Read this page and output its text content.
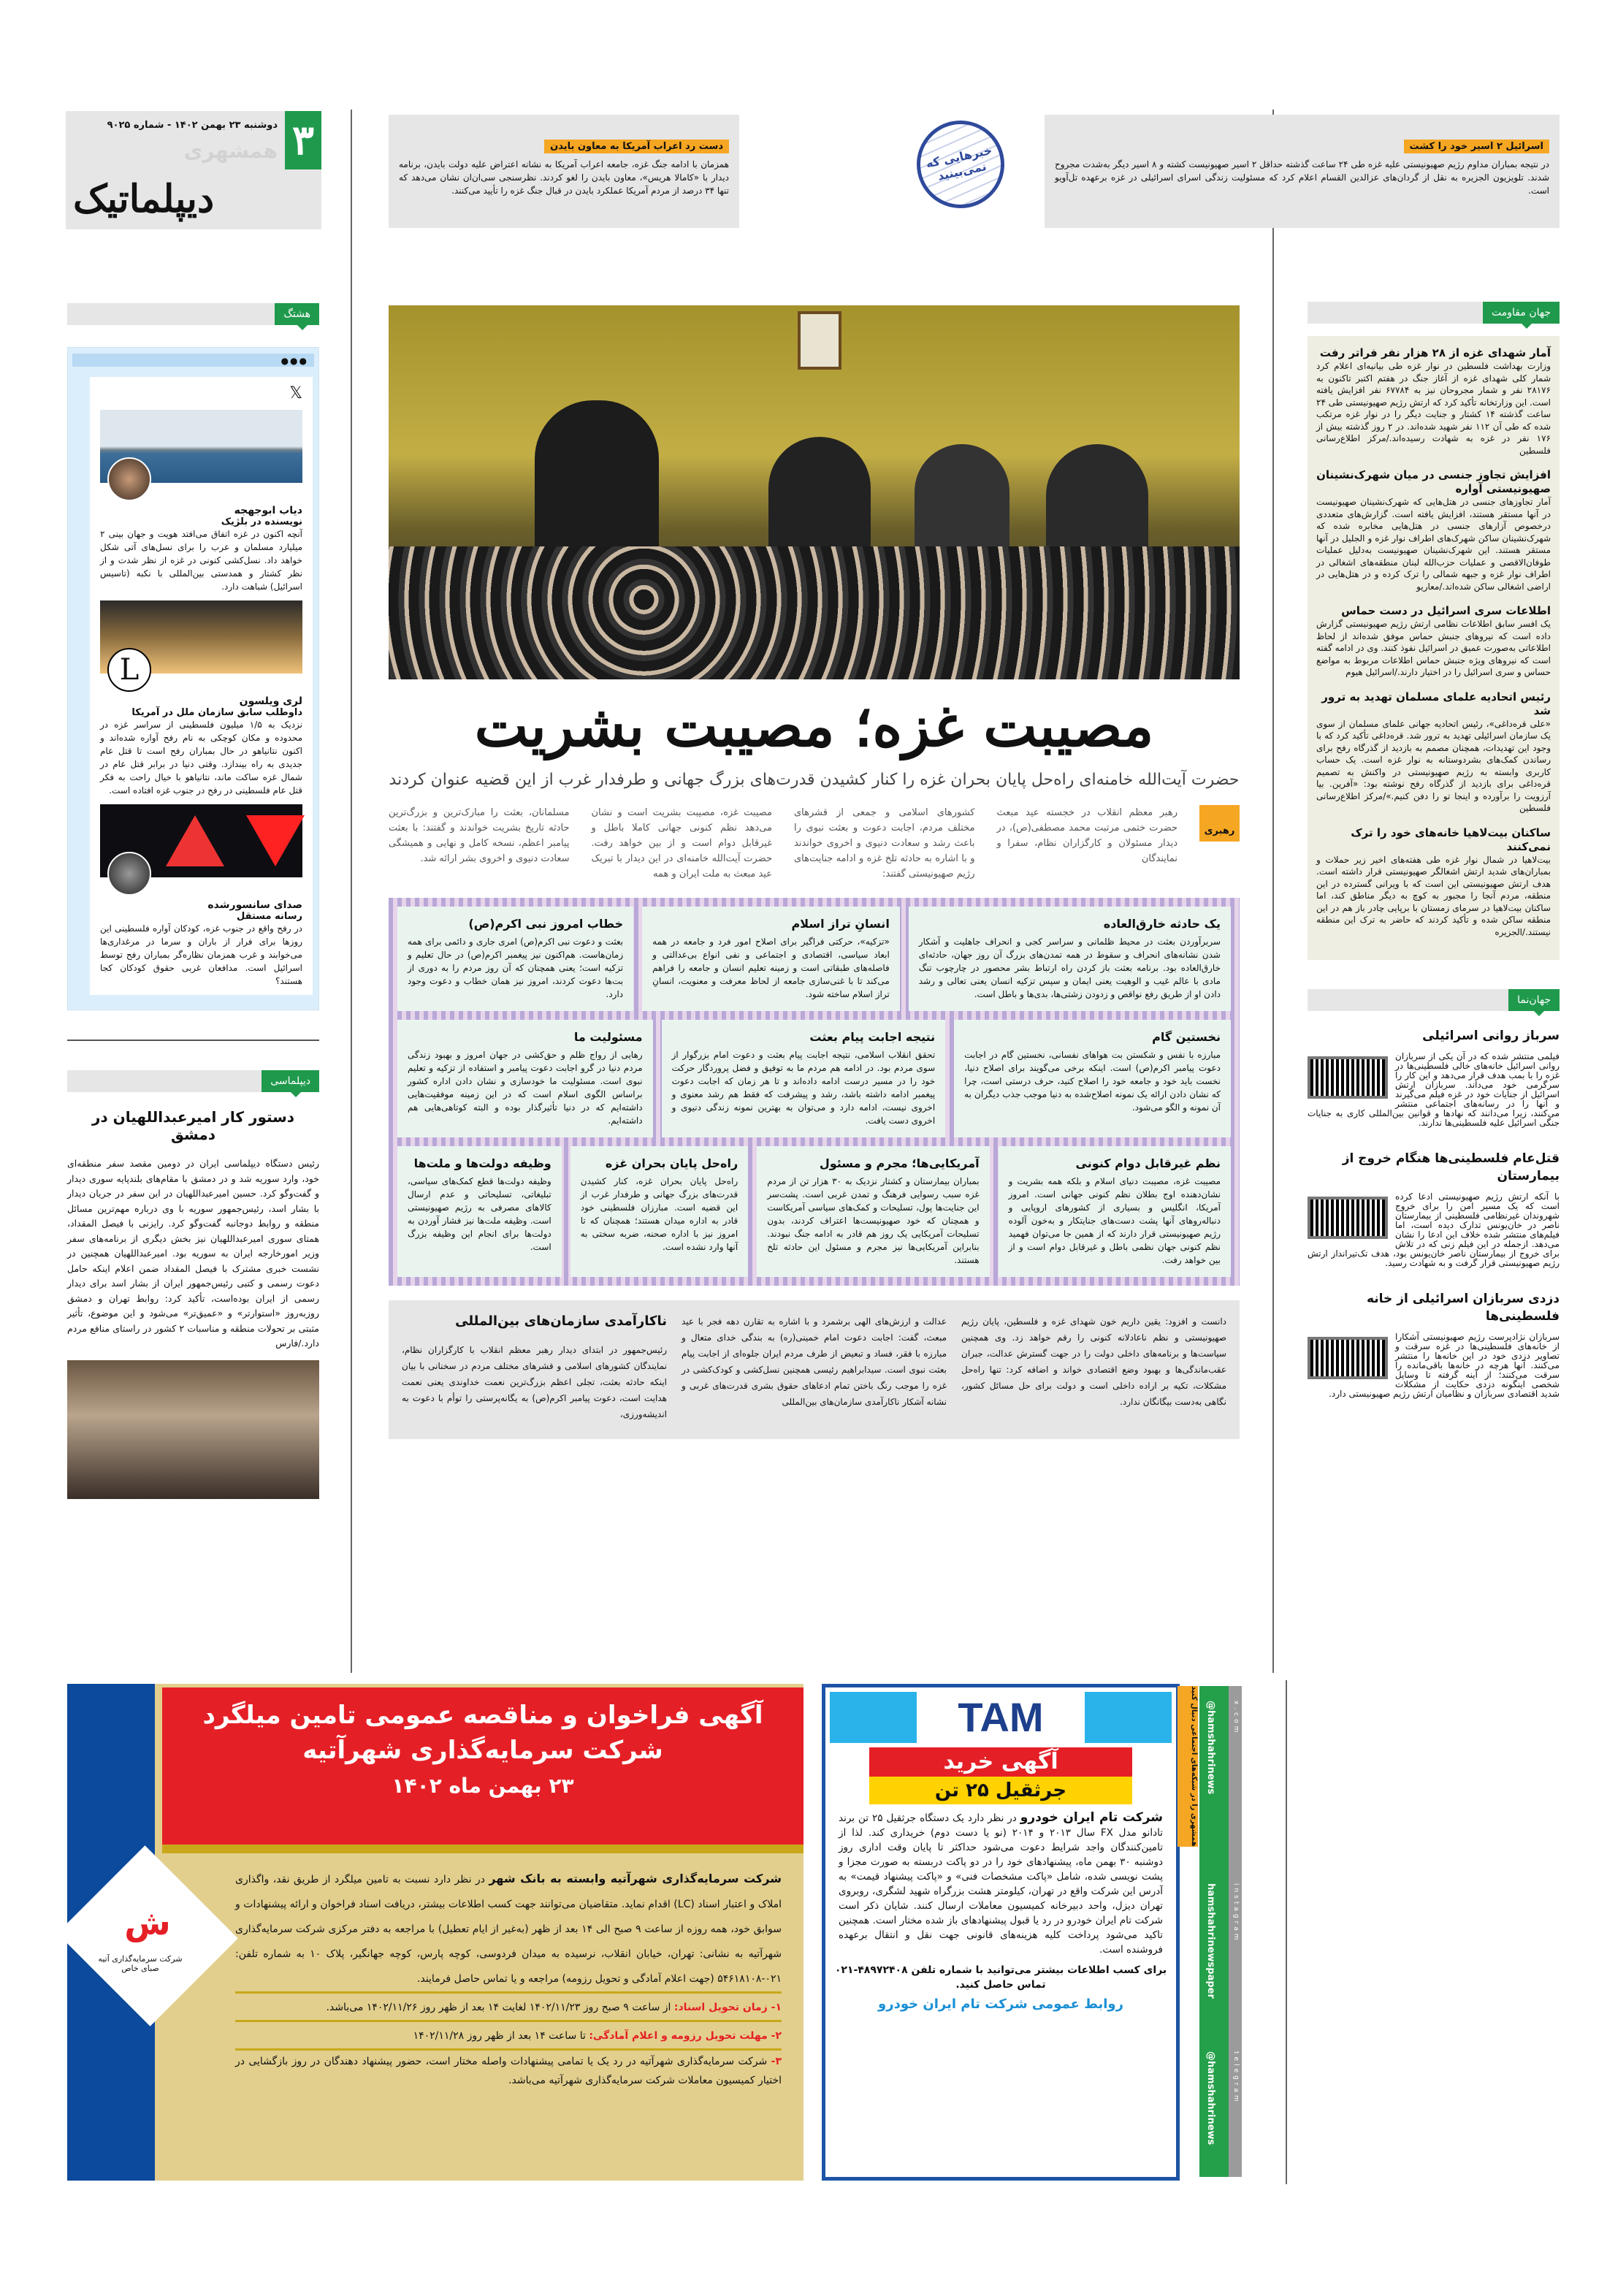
۳
دوشنبه ۲۳ بهمن ۱۴۰۲ - شماره ۹۰۲۵
همشهری
دیپلماتیک
دست رد اعراب آمریکا به معاون بایدن
همزمان با ادامه جنگ غزه، جامعه اعراب آمریکا به نشانه اعتراض علیه دولت بایدن، برنامه دیدار با «کامالا هریس»، معاون بایدن را لغو کردند. نظرسنجی سی‌ان‌ان نشان می‌دهد که تنها ۳۴ درصد از مردم آمریکا عملکرد بایدن در قبال جنگ غزه را تأیید می‌کنند.
خبرهایی که نمی‌بینید
اسرائیل ۲ اسیر خود را کشت
در نتیجه بمباران مداوم رژیم صهیونیستی علیه غزه طی ۲۴ ساعت گذشته حداقل ۲ اسیر صهیونیست کشته و ۸ اسیر دیگر به‌شدت مجروح شدند. تلویزیون الجزیره به نقل از گردان‌های عزالدین القسام اعلام کرد که مسئولیت زندگی اسرای اسرائیلی در غزه برعهده تل‌آویو است.
هشتگ
●●●
𝕏
دیاب ابوجهجه
نویسنده در بلژیک
آنچه اکنون در غزه اتفاق می‌افتد هویت و جهان بینی ۲ میلیارد مسلمان و عرب را برای نسل‌های آتی شکل خواهد داد. نسل‌کشی کنونی در غزه از نظر شدت و از نظر کشتار و همدستی بین‌المللی با نکبه (تاسیس اسرائیل) شباهت دارد.
L
لری ویلسون
داوطلب سابق سازمان ملل در آمریکا
نزدیک به ۱/۵ میلیون فلسطینی از سراسر غزه در محدوده و مکان کوچکی به نام رفح آواره شده‌اند و اکنون نتانیاهو در حال بمباران رفح است تا قتل عام جدیدی به راه بیندازد. وقتی دنیا در برابر قتل عام در شمال غزه ساکت ماند، نتانیاهو با خیال راحت به فکر قتل عام فلسطینی در رفح در جنوب غزه افتاده است.
صدای سانسورشده
رسانه مستقل
در رفح واقع در جنوب غزه، کودکان آواره فلسطینی این روزها برای فرار از باران و سرما در مرغداری‌ها می‌خوابند و غرب همزمان نظاره‌گر بمباران رفح توسط اسرائیل است. مدافعان غربی حقوق کودکان کجا هستند؟
دیپلماسی
دستور کار امیرعبداللهیان در دمشق
رئیس دستگاه دیپلماسی ایران در دومین مقصد سفر منطقه‌ای خود، وارد سوریه شد و در دمشق با مقام‌های بلندپایه سوری دیدار و گفت‌وگو کرد. حسین امیرعبداللهیان در این سفر در جریان دیدار با بشار اسد، رئیس‌جمهور سوریه با وی درباره مهم‌ترین مسائل منطقه و روابط دوجانبه گفت‌وگو کرد. رایزنی با فیصل المقداد، همتای سوری امیرعبداللهیان نیز بخش دیگری از برنامه‌های سفر وزیر امورخارجه ایران به سوریه بود. امیرعبداللهیان همچنین در نشست خبری مشترک با فیصل المقداد ضمن اعلام اینکه حامل دعوت رسمی و کتبی رئیس‌جمهور ایران از بشار اسد برای دیدار رسمی از ایران بوده‌است، تأکید کرد: روابط تهران و دمشق روزبه‌روز «استوارتر» و «عمیق‌تر» می‌شود و این موضوع، تأثیر مثبتی بر تحولات منطقه و مناسبات ۲ کشور در راستای منافع مردم دارد./فارس
مصیبت غزه؛ مصیبت بشریت
حضرت آیت‌الله خامنه‌ای راه‌حل پایان بحران غزه را کنار کشیدن قدرت‌های بزرگ جهانی و طرفدار غرب از این قضیه عنوان کردند
رهبری
رهبر معظم انقلاب در خجسته عید مبعث حضرت ختمی مرتبت محمد مصطفی(ص)، در دیدار مسئولان و کارگزاران نظام، سفرا و نمایندگان
کشورهای اسلامی و جمعی از قشرهای مختلف مردم، اجابت دعوت و بعثت نبوی را باعث رشد و سعادت دنیوی و اخروی خواندند و با اشاره به حادثه تلخ غزه و ادامه جنایت‌های رژیم صهیونیستی گفتند:
مصیبت غزه، مصیبت بشریت است و نشان می‌دهد نظم کنونی جهانی کاملا باطل و غیرقابل دوام است و از بین خواهد رفت. حضرت آیت‌الله خامنه‌ای در این دیدار با تبریک عید مبعث به ملت ایران و همه
مسلمانان، بعثت را مبارک‌ترین و بزرگ‌ترین حادثه تاریخ بشریت خواندند و گفتند: با بعثت پیامبر اعظم، نسخه کامل و نهایی و همیشگی سعادت دنیوی و اخروی بشر ارائه شد.
یک حادثه خارق‌العاده

سربرآوردن بعثت در محیط ظلمانی و سراسر کجی و انحراف جاهلیت و آشکار شدن نشانه‌های انحراف و سقوط در همه تمدن‌های بزرگ آن روز جهان، حادثه‌ای خارق‌العاده بود. برنامه بعثت باز کردن راه ارتباط بشر محصور در چارچوب تنگ مادی با عالم غیب و الوهیت یعنی ایمان و سپس تزکیه انسان یعنی تعالی و رشد دادن او از طریق رفع نواقص و زدودن زشتی‌ها، بدی‌ها و باطل است.

انسانِ تراز اسلام

«تزکیه»، حرکتی فراگیر برای اصلاح امور فرد و جامعه در همه ابعاد سیاسی، اقتصادی و اجتماعی و نفی انواع بی‌عدالتی و فاصله‌های طبقاتی است و زمینه تعلیم انسان و جامعه را فراهم می‌کند تا با غنی‌سازی جامعه از لحاظ معرفت و معنویت، انسانِ تراز اسلام ساخته شود.

خطاب امروز نبی اکرم(ص)

بعثت و دعوت نبی اکرم(ص) امری جاری و دائمی برای همه زمان‌هاست. هم‌اکنون نیز پیغمبر اکرم(ص) در حال تعلیم و تزکیه است؛ یعنی همچنان که آن روز مردم را به دوری از بت‌ها دعوت کردند، امروز نیز همان خطاب و دعوت وجود دارد.

نخستین گام

مبارزه با نفس و شکستن بت هواهای نفسانی، نخستین گام در اجابت دعوت پیامبر اکرم(ص) است. اینکه برخی می‌گویند برای اصلاح دنیا، نخست باید خود و جامعه خود را اصلاح کنید، حرف درستی است، چرا که نشان دادن ارائه یک نمونه اصلاح‌شده به دنیا موجب جذب دیگران به آن نمونه و الگو می‌شود.

نتیجه اجابت پیام بعثت

تحقق انقلاب اسلامی، نتیجه اجابت پیام بعثت و دعوت امام بزرگوار از سوی مردم بود. در ادامه هم مردم ما به توفیق و فضل پروردگار حرکت خود را در مسیر درست ادامه داده‌اند و تا هر زمان که اجابت دعوت پیغمبر ادامه داشته باشد، رشد و پیشرفت که فقط هم رشد معنوی و اخروی نیست، ادامه دارد و می‌توان به بهترین نمونه زندگی دنیوی و اخروی دست یافت.

مسئولیت ما

رهایی از رواج ظلم و حق‌کشی در جهان امروز و بهبود زندگی مردم دنیا در گرو اجابت دعوت پیامبر و استفاده از تزکیه و تعلیم نبوی است. مسئولیت ما خودسازی و نشان دادن اداره کشور براساس الگوی اسلام است که در این زمینه موفقیت‌هایی داشته‌ایم که در دنیا تأثیرگذار بوده و البته کوتاهی‌هایی هم داشته‌ایم.

نظم غیرقابل دوام کنونی

مصیبت غزه، مصیبت دنیای اسلام و بلکه همه بشریت و نشان‌دهنده اوج بطلان نظم کنونی جهانی است. امروز آمریکا، انگلیس و بسیاری از کشورهای اروپایی و دنباله‌روهای آنها پشت دست‌های جنایتکار و به‌خون آلوده رژیم صهیونیستی قرار دارند که از همین جا می‌توان فهمید نظم کنونی جهان نظمی باطل و غیرقابل دوام است و از بین خواهد رفت.

آمریکایی‌ها؛ مجرم و مسئول

بمباران بیمارستان و کشتار نزدیک به ۳۰ هزار تن از مردم غزه سبب رسوایی فرهنگ و تمدن غربی است. پشت‌سر این جنایت‌ها پول، تسلیحات و کمک‌های سیاسی آمریکاست و همچنان که خود صهیونیست‌ها اعتراف کردند، بدون تسلیحات آمریکایی یک روز هم قادر به ادامه جنگ نبودند. بنابراین آمریکایی‌ها نیز مجرم و مسئول این حادثه تلخ هستند.

راه‌حل پایان بحران غزه

راه‌حل پایان بحران غزه، کنار کشیدن قدرت‌های بزرگ جهانی و طرفدار غرب از این قضیه است. مبارزان فلسطینی خود قادر به اداره میدان هستند؛ همچنان که تا امروز نیز با اداره صحنه، ضربه سختی به آنها وارد نشده است.

وظیفه دولت‌ها و ملت‌ها

وظیفه دولت‌ها قطع کمک‌های سیاسی، تبلیغاتی، تسلیحاتی و عدم ارسال کالاهای مصرفی به رژیم صهیونیستی است. وظیفه ملت‌ها نیز فشار آوردن به دولت‌ها برای انجام این وظیفه بزرگ است.

ناکارآمدی سازمان‌های بین‌المللی

رئیس‌جمهور در ابتدای دیدار رهبر معظم انقلاب با کارگزاران نظام، نمایندگان کشورهای اسلامی و قشرهای مختلف مردم در سخنانی با بیان اینکه حادثه بعثت، تجلی اعظم بزرگ‌ترین نعمت خداوندی یعنی نعمت هدایت است، دعوت پیامبر اکرم(ص) به یگانه‌پرستی را توأم با دعوت به اندیشه‌ورزی،

عدالت و ارزش‌های الهی برشمرد و با اشاره به تقارن دهه فجر با عید مبعث، گفت: اجابت دعوت امام خمینی(ره) به بندگی خدای متعال و مبارزه با فقر، فساد و تبعیض از طرف مردم ایران جلوه‌ای از اجابت پیام بعثت نبوی است. سیدابراهیم رئیسی همچنین نسل‌کشی و کودک‌کشی در غزه را موجب رنگ باختن تمام ادعاهای حقوق بشری قدرت‌های غربی و نشانه آشکار ناکارآمدی سازمان‌های بین‌المللی

دانست و افزود: یقین داریم خون شهدای غزه و فلسطین، پایان رژیم صهیونیستی و نظم ناعادلانه کنونی را رقم خواهد زد. وی همچنین سیاست‌ها و برنامه‌های داخلی دولت را در جهت گسترش عدالت، جبران عقب‌ماندگی‌ها و بهبود وضع اقتصادی خواند و اضافه کرد: تنها راه‌حل مشکلات، تکیه بر اراده داخلی است و دولت برای حل مسائل کشور، نگاهی به‌دست بیگانگان ندارد.

جهان مقاومت
آمار شهدای غزه از ۲۸ هزار نفر فراتر رفت

وزارت بهداشت فلسطین در نوار غزه طی بیانیه‌ای اعلام کرد شمار کلی شهدای غزه از آغاز جنگ در هفتم اکتبر تاکنون به ۲۸۱۷۶ نفر و شمار مجروحان نیز به ۶۷۷۸۴ نفر افزایش یافته است. این وزارتخانه تأکید کرد که ارتش رژیم صهیونیستی طی ۲۴ ساعت گذشته ۱۴ کشتار و جنایت دیگر را در نوار غزه مرتکب شده که طی آن ۱۱۲ نفر شهید شده‌اند. در ۲ روز گذشته بیش از ۱۷۶ نفر در غزه به شهادت رسیده‌اند./مرکز اطلاع‌رسانی فلسطین

افزایش تجاوز جنسی در میان شهرک‌نشینان صهیونیستی آواره

آمار تجاوزهای جنسی در هتل‌هایی که شهرک‌نشینان صهیونیست در آنها مستقر هستند، افزایش یافته است. گزارش‌های متعددی درخصوص آزارهای جنسی در هتل‌هایی مخابره شده که شهرک‌نشینان ساکن شهرک‌های اطراف نوار غزه و الجلیل در آنها مستقر هستند. این شهرک‌نشینان صهیونیست به‌دلیل عملیات طوفان‌الاقصی و عملیات حزب‌الله لبنان منطقه‌های اشغالی در اطراف نوار غزه و جبهه شمالی را ترک کرده و در هتل‌هایی در اراضی اشغالی ساکن شده‌اند./معاریو

اطلاعات سری اسرائیل در دست حماس

یک افسر سابق اطلاعات نظامی ارتش رژیم صهیونیستی گزارش داده است که نیروهای جنبش حماس موفق شده‌اند از لحاظ اطلاعاتی به‌صورت عمیق در اسرائیل نفوذ کنند. وی در ادامه گفته است که نیروهای ویژه جنبش حماس اطلاعات مربوط به مواضع حساس و سری اسرائیل را در اختیار دارند./اسرائیل هیوم

رئیس اتحادیه علمای مسلمان تهدید به ترور شد

«علی قره‌داغی»، رئیس اتحادیه جهانی علمای مسلمان از سوی یک سازمان اسرائیلی تهدید به ترور شد. قره‌داغی تأکید کرد که با وجود این تهدیدات، همچنان مصمم به بازدید از گذرگاه رفح برای رساندن کمک‌های بشردوستانه به نوار غزه است. یک حساب کاربری وابسته به رژیم صهیونیستی در واکنش به تصمیم قره‌داغی برای بازدید از گذرگاه رفح نوشته بود: «آفرین. بیا آرزویت را برآورده و اینجا تو را دفن کنیم.»/مرکز اطلاع‌رسانی فلسطین

ساکنان بیت‌لاهیا خانه‌های خود را ترک نمی‌کنند

بیت‌لاهیا در شمال نوار غزه طی هفته‌های اخیر زیر حملات و بمباران‌های شدید ارتش اشغالگر صهیونیستی قرار داشته است. هدف ارتش صهیونیستی این است که با ویرانی گسترده در این منطقه، مردم آنجا را مجبور به کوچ به دیگر مناطق کند، اما ساکنان بیت‌لاهیا در سرمای زمستان با برپایی چادر باز هم در این منطقه ساکن شده و تأکید کردند که حاضر به ترک این منطقه نیستند./الجزیره

جهان‌نما
سرباز روانی اسرائیلی
فیلمی منتشر شده که در آن یکی از سربازان روانی اسرائیل خانه‌های خالی فلسطینی‌ها در غزه را با بمب هدف قرار می‌دهد و این کار را سرگرمی خود می‌داند. سربازان ارتش اسرائیل از جنایات خود در غزه فیلم می‌گیرند و آنها را در رسانه‌های اجتماعی منتشر می‌کنند، زیرا می‌دانند که نهادها و قوانین بین‌المللی کاری به جنایات جنگی اسرائیل علیه فلسطینی‌ها ندارند.
قتل‌عام فلسطینی‌ها هنگام خروج از بیمارستان
با آنکه ارتش رژیم صهیونیستی ادعا کرده است که یک مسیر امن را برای خروج شهروندان غیرنظامی فلسطینی از بیمارستان ناصر در خان‌یونس تدارک دیده است، اما فیلم‌های منتشر شده خلاف این ادعا را نشان می‌دهد. ازجمله در این فیلم زنی که در تلاش برای خروج از بیمارستان ناصر خان‌یونس بود، هدف تک‌تیرانداز ارتش رژیم صهیونیستی قرار گرفت و به شهادت رسید.
دزدی سربازان اسرائیلی از خانه فلسطینی‌ها
سربازان نژادپرست رژیم صهیونیستی آشکارا از خانه‌های فلسطینی‌ها در غزه سرقت و تصاویر دزدی خود در این خانه‌ها را منتشر می‌کنند. آنها هرچه در خانه‌ها باقی‌مانده را سرقت می‌کنند؛ از آینه گرفته تا وسایل شخصی اینگونه دزدی حکایت از مشکلات شدید اقتصادی سربازان و نظامیان ارتش رژیم صهیونیستی دارد.
آگهی فراخوان و مناقصه عمومی تامین میلگرد
شرکت سرمایه‌گذاری شهرآتیه
۲۳ بهمن ماه ۱۴۰۲
ش
شرکت سرمایه‌گذاری آتیه صبای خاص
شرکت سرمایه‌گذاری شهرآتیه وابسته به بانک شهر در نظر دارد نسبت به تامین میلگرد از طریق نقد، واگذاری املاک و اعتبار اسناد (LC) اقدام نماید. متقاضیان می‌توانند جهت کسب اطلاعات بیشتر، دریافت اسناد فراخوان و ارائه پیشنهادات و سوابق خود، همه روزه از ساعت ۹ صبح الی ۱۴ بعد از ظهر (به‌غیر از ایام تعطیل) با مراجعه به دفتر مرکزی شرکت سرمایه‌گذاری شهرآتیه به نشانی: تهران، خیابان انقلاب، نرسیده به میدان فردوسی، کوچه پارس، کوچه جهانگیر، پلاک ۱۰ به شماره تلفن: ۰۲۱-۵۴۶۱۸۱۰۸ (جهت اعلام آمادگی و تحویل رزومه) مراجعه و یا تماس حاصل فرمایند.
۱- زمان تحویل اسناد: از ساعت ۹ صبح روز ۱۴۰۲/۱۱/۲۳ لغایت ۱۴ بعد از ظهر روز ۱۴۰۲/۱۱/۲۶ می‌باشد.
۲- مهلت تحویل رزومه و اعلام آمادگی: تا ساعت ۱۴ بعد از ظهر روز ۱۴۰۲/۱۱/۲۸
۳- شرکت سرمایه‌گذاری شهرآتیه در رد یک یا تمامی پیشنهادات واصله مختار است، حضور پیشنهاد دهندگان در روز بازگشایی در اختیار کمیسیون معاملات شرکت سرمایه‌گذاری شهرآتیه می‌باشد.
TAM
آگهی خرید
جرثقیل ۲۵ تن
شرکت تام ایران خودرو در نظر دارد یک دستگاه جرثقیل ۲۵ تن برند تادانو مدل FX سال ۲۰۱۳ و ۲۰۱۴ (نو یا دست دوم) خریداری کند. لذا از تامین‌کنندگان واجد شرایط دعوت می‌شود حداکثر تا پایان وقت اداری روز دوشنبه ۳۰ بهمن ماه، پیشنهادهای خود را در دو پاکت دربسته به صورت مجزا و پشت نویسی شده، شامل «پاکت مشخصات فنی» و «پاکت پیشنهاد قیمت» به آدرس این شرکت واقع در تهران، کیلومتر هشت بزرگراه شهید لشگری، روبروی تهران دیزل، واحد دبیرخانه کمیسیون معاملات ارسال کنند. شایان ذکر است شرکت تام ایران خودرو در رد یا قبول پیشنهادهای باز شده مختار است. همچنین تاکید می‌شود پرداخت کلیه هزینه‌های قانونی جهت نقل و انتقال برعهده فروشنده است.
برای کسب اطلاعات بیشتر می‌توانید با شماره تلفن ۴۸۹۷۲۴۰۸-۰۲۱ تماس حاصل کنید.
روابط عمومی شرکت تام ایران خودرو
@hamshahrinews
hamshahrinewspaper
@hamshahrinews
x.com
instagram
telegram
همشهری را در شبکه‌های اجتماعی دنبال کنید
